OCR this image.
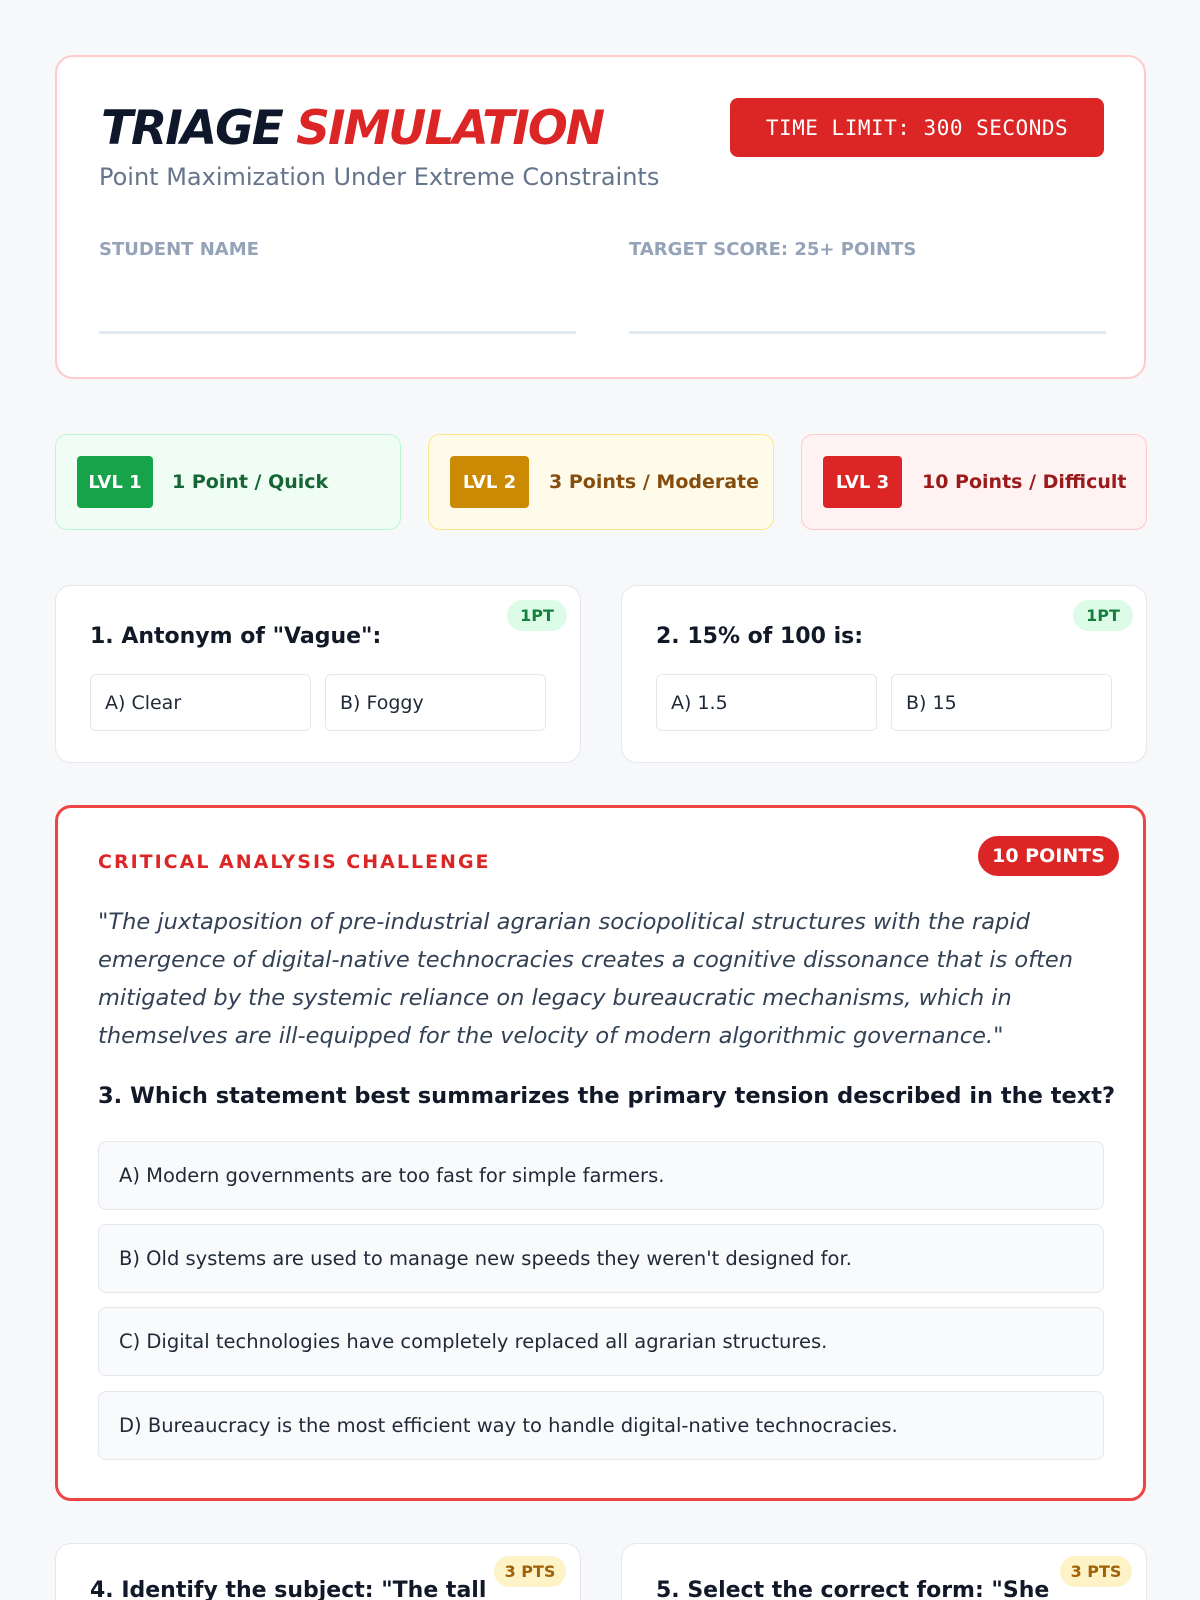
TRIAGE SIMULATION
Point Maximization Under Extreme Constraints
TIME LIMIT: 300 SECONDS
STUDENT NAME	TARGET SCORE: 25+ POINTS
LVL 1	1 Point / Quick	LVL 2	3 Points / Moderate	LVL 3	10 Points / Difficult
1PT
1. Antonym of "Vague":
A) Clear	B) Foggy
1PT
2. 15% of 100 is:
A) 1.5	B) 15
CRITICAL ANALYSIS CHALLENGE	10 POINTS
"The juxtaposition of pre-industrial agrarian sociopolitical structures with the rapid emergence of digital-native technocracies creates a cognitive dissonance that is often mitigated by the systemic reliance on legacy bureaucratic mechanisms, which in themselves are ill-equipped for the velocity of modern algorithmic governance."
3. Which statement best summarizes the primary tension described in the text?
A) Modern governments are too fast for simple farmers.
B) Old systems are used to manage new speeds they weren't designed for.
C) Digital technologies have completely replaced all agrarian structures.
D) Bureaucracy is the most efficient way to handle digital-native technocracies.
3 PTS
4. Identify the subject: "The tall
3 PTS
5. Select the correct form: "She
